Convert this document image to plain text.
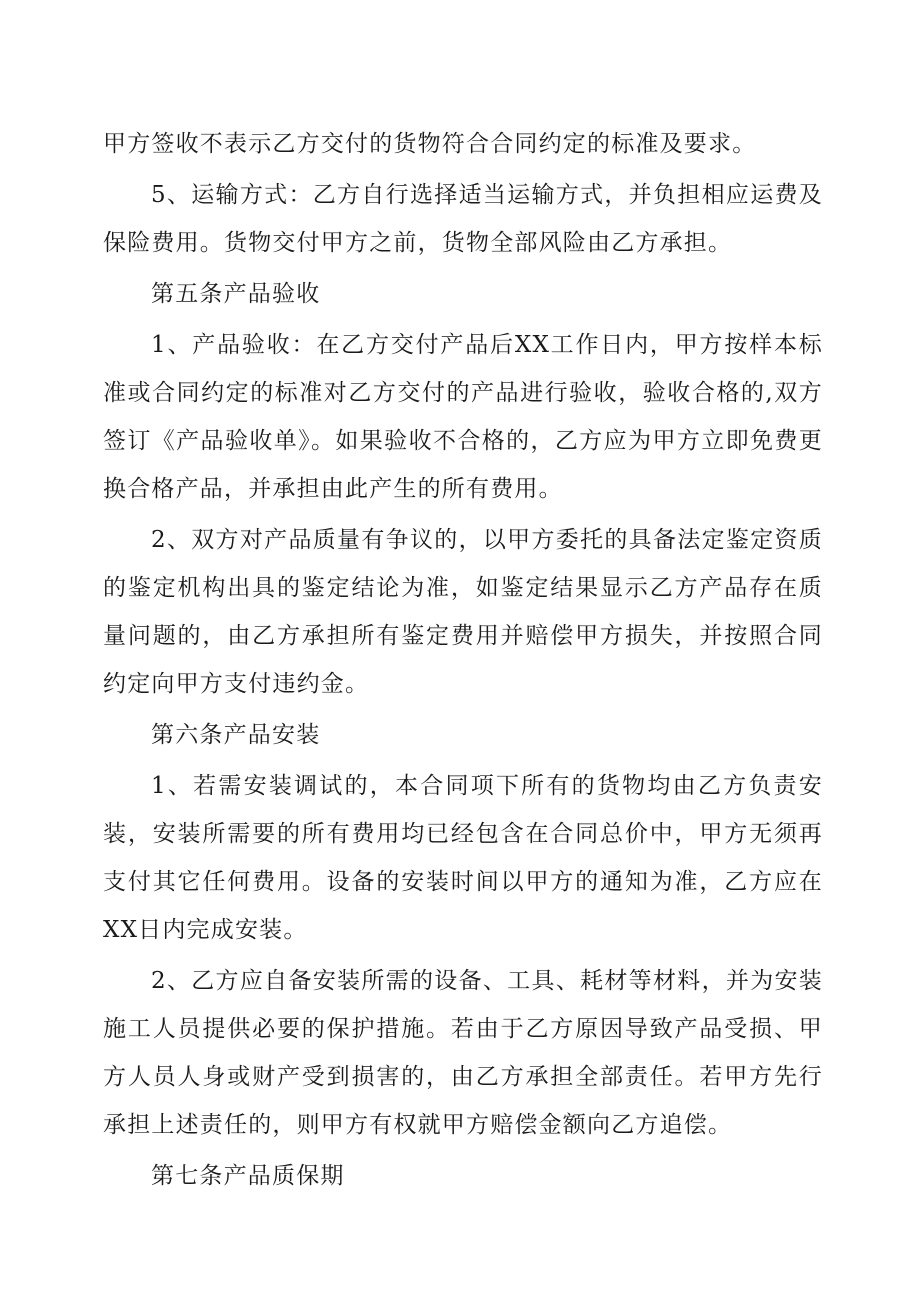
甲方签收不表示乙方交付的货物符合合同约定的标准及要求。

5、运输方式：乙方自行选择适当运输方式，并负担相应运费及保险费用。货物交付甲方之前，货物全部风险由乙方承担。

第五条产品验收

1、产品验收：在乙方交付产品后XX工作日内，甲方按样本标准或合同约定的标准对乙方交付的产品进行验收，验收合格的,双方签订《产品验收单》。如果验收不合格的，乙方应为甲方立即免费更换合格产品，并承担由此产生的所有费用。

2、双方对产品质量有争议的，以甲方委托的具备法定鉴定资质的鉴定机构出具的鉴定结论为准，如鉴定结果显示乙方产品存在质量问题的，由乙方承担所有鉴定费用并赔偿甲方损失，并按照合同约定向甲方支付违约金。

第六条产品安装

1、若需安装调试的，本合同项下所有的货物均由乙方负责安装，安装所需要的所有费用均已经包含在合同总价中，甲方无须再支付其它任何费用。设备的安装时间以甲方的通知为准，乙方应在XX日内完成安装。

2、乙方应自备安装所需的设备、工具、耗材等材料，并为安装施工人员提供必要的保护措施。若由于乙方原因导致产品受损、甲方人员人身或财产受到损害的，由乙方承担全部责任。若甲方先行承担上述责任的，则甲方有权就甲方赔偿金额向乙方追偿。

第七条产品质保期
